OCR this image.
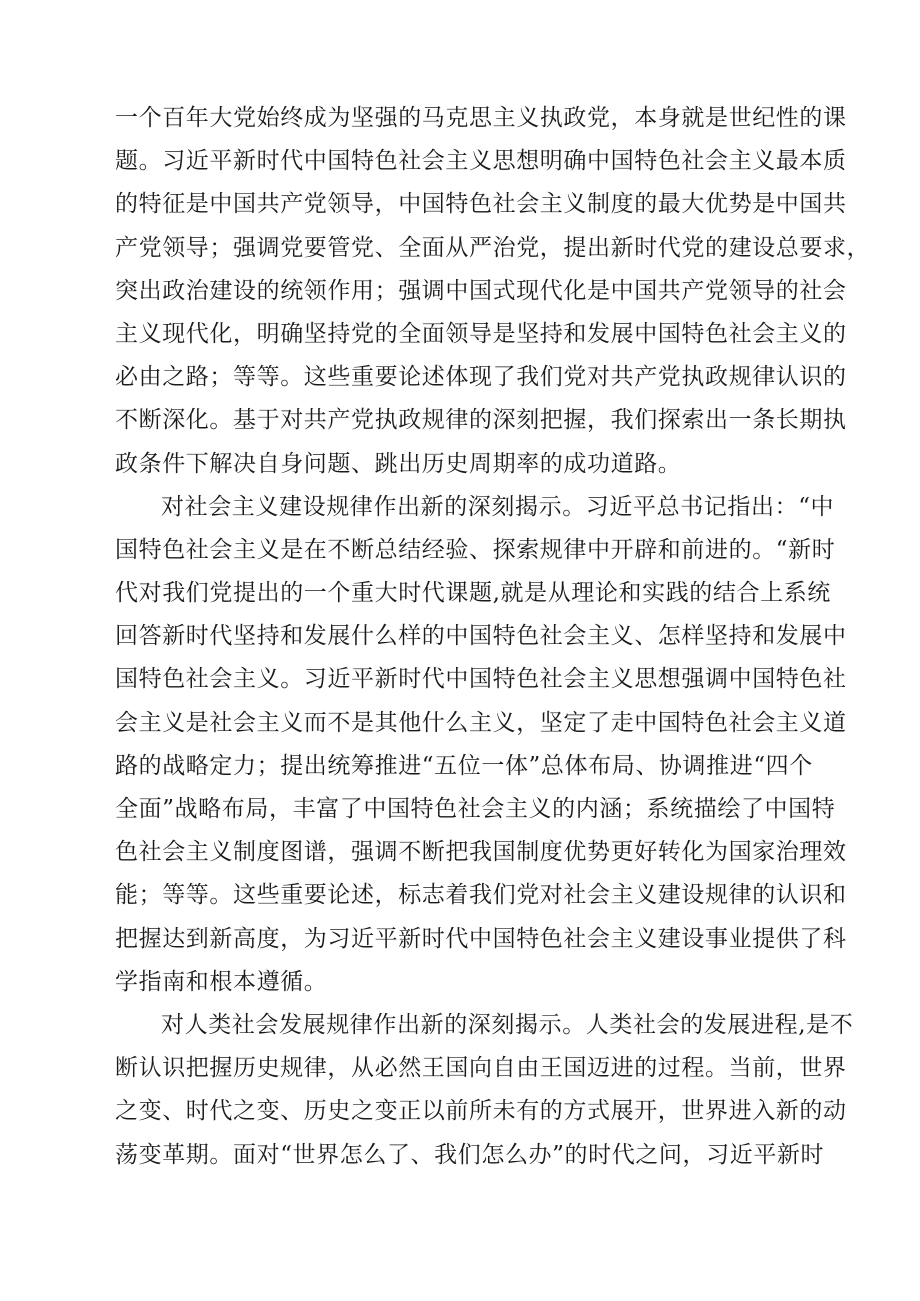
一个百年大党始终成为坚强的马克思主义执政党，本身就是世纪性的课
题。习近平新时代中国特色社会主义思想明确中国特色社会主义最本质
的特征是中国共产党领导，中国特色社会主义制度的最大优势是中国共
产党领导；强调党要管党、全面从严治党，提出新时代党的建设总要求，
突出政治建设的统领作用；强调中国式现代化是中国共产党领导的社会
主义现代化，明确坚持党的全面领导是坚持和发展中国特色社会主义的
必由之路；等等。这些重要论述体现了我们党对共产党执政规律认识的
不断深化。基于对共产党执政规律的深刻把握，我们探索出一条长期执
政条件下解决自身问题、跳出历史周期率的成功道路。
对社会主义建设规律作出新的深刻揭示。习近平总书记指出：“中
国特色社会主义是在不断总结经验、探索规律中开辟和前进的。“新时
代对我们党提出的一个重大时代课题,就是从理论和实践的结合上系统
回答新时代坚持和发展什么样的中国特色社会主义、怎样坚持和发展中
国特色社会主义。习近平新时代中国特色社会主义思想强调中国特色社
会主义是社会主义而不是其他什么主义，坚定了走中国特色社会主义道
路的战略定力；提出统筹推进“五位一体”总体布局、协调推进“四个
全面”战略布局，丰富了中国特色社会主义的内涵；系统描绘了中国特
色社会主义制度图谱，强调不断把我国制度优势更好转化为国家治理效
能；等等。这些重要论述，标志着我们党对社会主义建设规律的认识和
把握达到新高度，为习近平新时代中国特色社会主义建设事业提供了科
学指南和根本遵循。
对人类社会发展规律作出新的深刻揭示。人类社会的发展进程,是不
断认识把握历史规律，从必然王国向自由王国迈进的过程。当前，世界
之变、时代之变、历史之变正以前所未有的方式展开，世界进入新的动
荡变革期。面对“世界怎么了、我们怎么办”的时代之问，习近平新时
